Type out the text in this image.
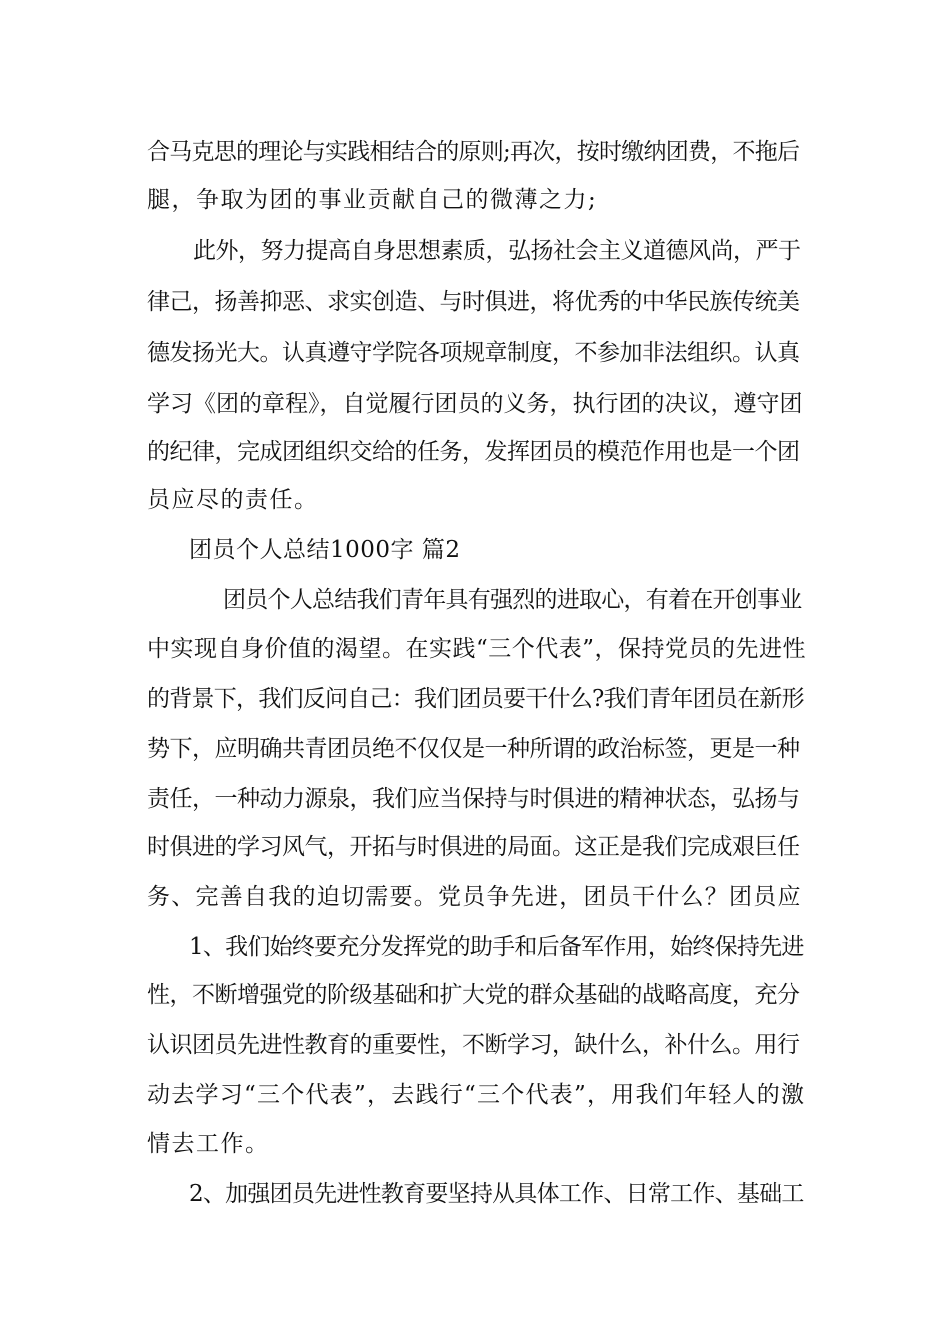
合马克思的理论与实践相结合的原则;再次，按时缴纳团费，不拖后
腿，争取为团的事业贡献自己的微薄之力;
此外，努力提高自身思想素质，弘扬社会主义道德风尚，严于
律己，扬善抑恶、求实创造、与时俱进，将优秀的中华民族传统美
德发扬光大。认真遵守学院各项规章制度，不参加非法组织。认真
学习《团的章程》，自觉履行团员的义务，执行团的决议，遵守团
的纪律，完成团组织交给的任务，发挥团员的模范作用也是一个团
员应尽的责任。
团员个人总结1000字 篇2
团员个人总结我们青年具有强烈的进取心，有着在开创事业
中实现自身价值的渴望。在实践“三个代表”，保持党员的先进性
的背景下，我们反问自己：我们团员要干什么?我们青年团员在新形
势下，应明确共青团员绝不仅仅是一种所谓的政治标签，更是一种
责任，一种动力源泉，我们应当保持与时俱进的精神状态，弘扬与
时俱进的学习风气，开拓与时俱进的局面。这正是我们完成艰巨任
务、完善自我的迫切需要。党员争先进，团员干什么？团员应
1、我们始终要充分发挥党的助手和后备军作用，始终保持先进
性，不断增强党的阶级基础和扩大党的群众基础的战略高度，充分
认识团员先进性教育的重要性，不断学习，缺什么，补什么。用行
动去学习“三个代表”，去践行“三个代表”，用我们年轻人的激
情去工作。
2、加强团员先进性教育要坚持从具体工作、日常工作、基础工
